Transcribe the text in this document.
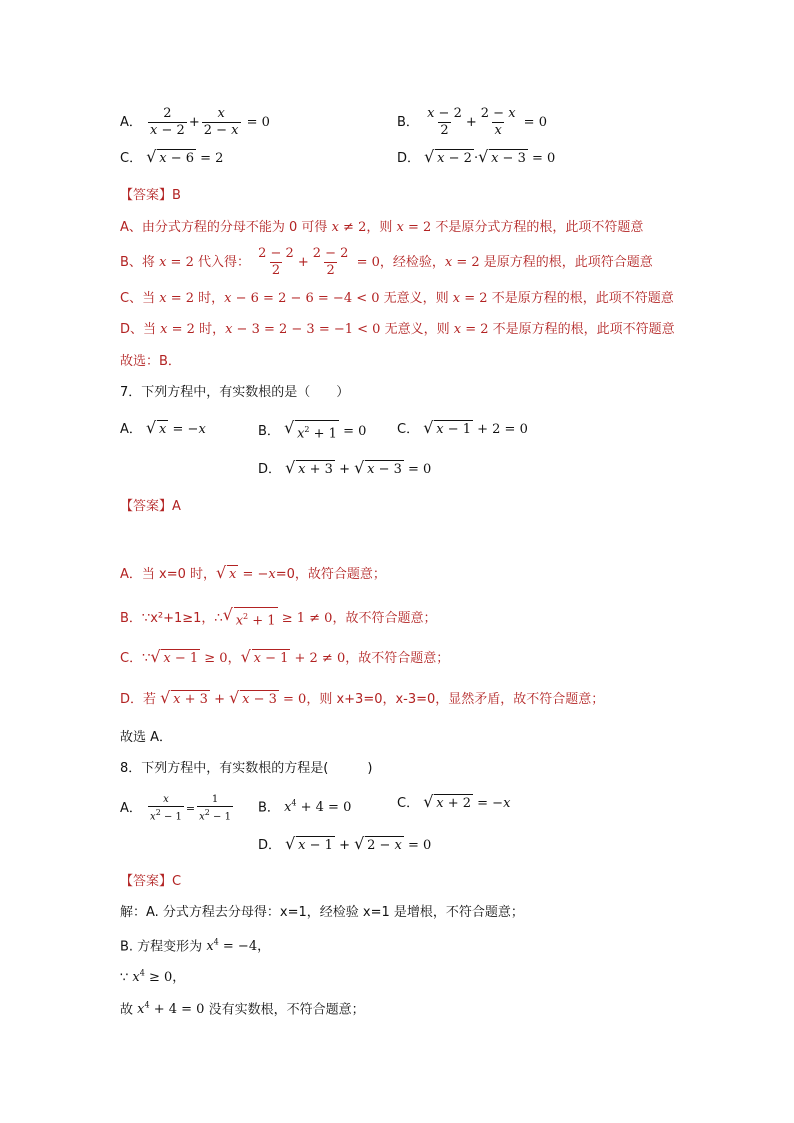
A． $\frac{2}{x - 2} + \frac{x}{2 - x} = 0$	B． $\frac{x - 2}{2} + \frac{2 - x}{x} = 0$
C． √ x − 6 = 2	D． √ x − 2 · √ x − 3 = 0
【答案】B
A、由分式方程的分母不能为 0 可得 x ≠ 2，则 x = 2 不是原分式方程的根，此项不符题意
B、将 x = 2 代入得： $\frac{2 - 2}{2} + \frac{2 - 2}{2} = 0$，经检验，x = 2 是原方程的根，此项符合题意
C、当 x = 2 时，x − 6 = 2 − 6 = −4 < 0 无意义，则 x = 2 不是原方程的根，此项不符题意
D、当 x = 2 时，x − 3 = 2 − 3 = −1 < 0 无意义，则 x = 2 不是原方程的根，此项不符题意
故选：B．
7．下列方程中，有实数根的是（　　）
A． √ x = −x	B． √ $x^2 + 1 = 0$ C． √ x − 1 + 2 = 0
D． √ x + 3 + √ x − 3 = 0
【答案】A
A．当 x=0 时， √ x = −x=0，故符合题意；
B．∵x²+1≥1，∴ √ $x^2 + 1 \ge 1 \ne 0$，故不符合题意；
C．∵ √ x − 1 ≥ 0， √ x − 1 + 2 ≠ 0，故不符合题意；
D．若 √ x + 3 + √ x − 3 = 0，则 x+3=0，x-3=0，显然矛盾，故不符合题意；
故选 A．
8．下列方程中，有实数根的方程是(　　　)
A． $\frac{x}{x^2 - 1} = \frac{1}{x^2 - 1}$ B． $x^4 + 4 = 0$	C． √ x + 2 = −x
D． √ x − 1 + √ 2 − x = 0
【答案】C
解：A. 分式方程去分母得：x=1，经检验 x=1 是增根，不符合题意；
B. 方程变形为 $x^4 = -4$，
∵ $x^4 \ge 0$，
故 $x^4 + 4 = 0$ 没有实数根，不符合题意；
